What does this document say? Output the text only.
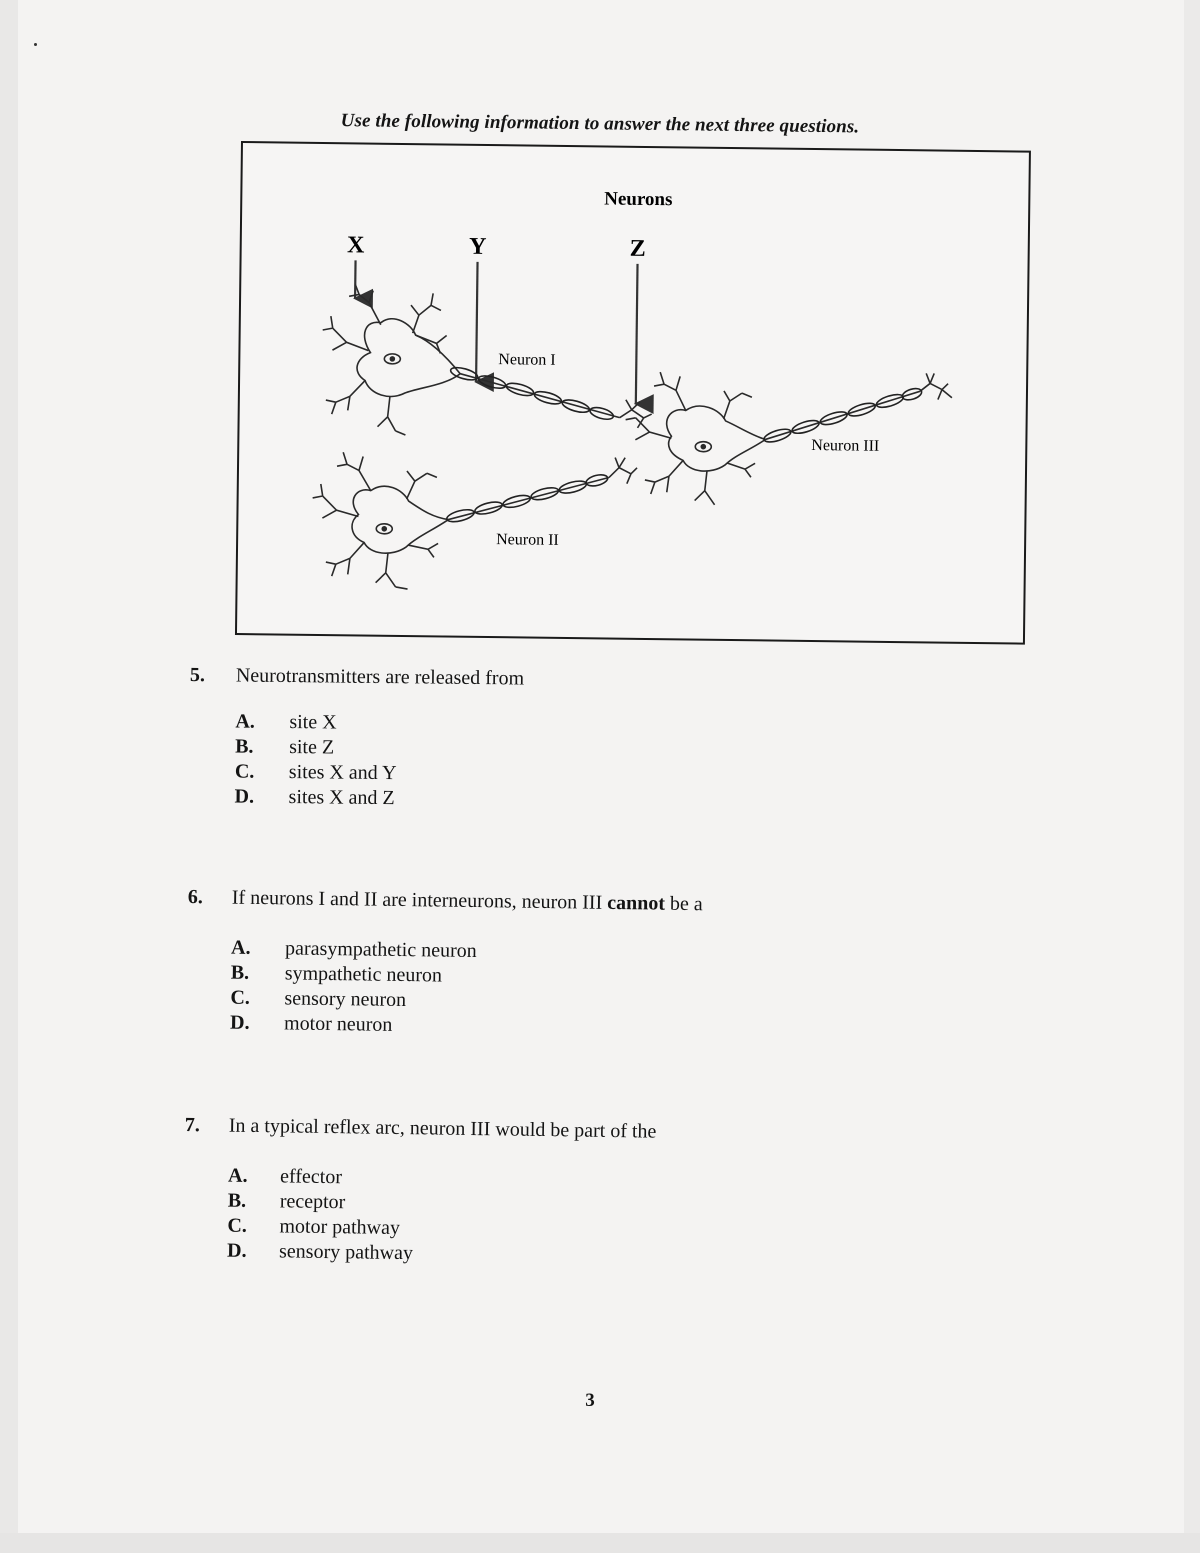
Use the following information to answer the next three questions.
Neurons
X	Y	Z
Neuron I
Neuron II
Neuron III
5. Neurotransmitters are released from
A. site X
B. site Z
C. sites X and Y
D. sites X and Z
6. If neurons I and II are interneurons, neuron III cannot be a
A. parasympathetic neuron
B. sympathetic neuron
C. sensory neuron
D. motor neuron
7. In a typical reflex arc, neuron III would be part of the
A. effector
B. receptor
C. motor pathway
D. sensory pathway
3
